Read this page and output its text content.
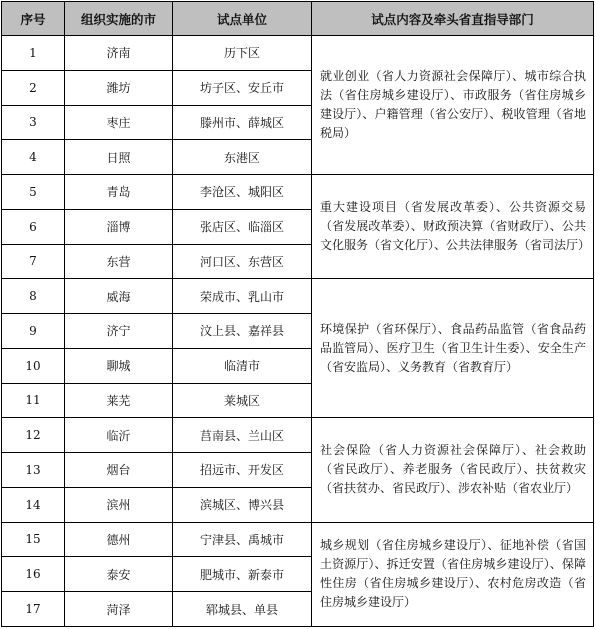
序号	组织实施的市	试点单位	试点内容及牵头省直指导部门
1	济南	历下区	就业创业（省人力资源社会保障厅）、城市综合执法（省住房城乡建设厅）、市政服务（省住房城乡建设厅）、户籍管理（省公安厅）、税收管理（省地税局）

2	潍坊	坊子区、安丘市	
3	枣庄	滕州市、薛城区	
4	日照	东港区	
5	青岛	李沧区、城阳区	重大建设项目（省发展改革委）、公共资源交易（省发展改革委）、财政预决算（省财政厅）、公共文化服务（省文化厅）、公共法律服务（省司法厅）

6	淄博	张店区、临淄区	
7	东营	河口区、东营区	
8	威海	荣成市、乳山市	环境保护（省环保厅）、食品药品监管（省食品药品监管局）、医疗卫生（省卫生计生委）、安全生产（省安监局）、义务教育（省教育厅）

9	济宁	汶上县、嘉祥县	
10	聊城	临清市	
11	莱芜	莱城区	
12	临沂	莒南县、兰山区	社会保险（省人力资源社会保障厅）、社会救助（省民政厅）、养老服务（省民政厅）、扶贫救灾（省扶贫办、省民政厅）、涉农补贴（省农业厅）

13	烟台	招远市、开发区	
14	滨州	滨城区、博兴县	
15	德州	宁津县、禹城市	城乡规划（省住房城乡建设厅）、征地补偿（省国土资源厅）、拆迁安置（省住房城乡建设厅）、保障性住房（省住房城乡建设厅）、农村危房改造（省住房城乡建设厅）

16	泰安	肥城市、新泰市	
17	菏泽	郓城县、单县	
